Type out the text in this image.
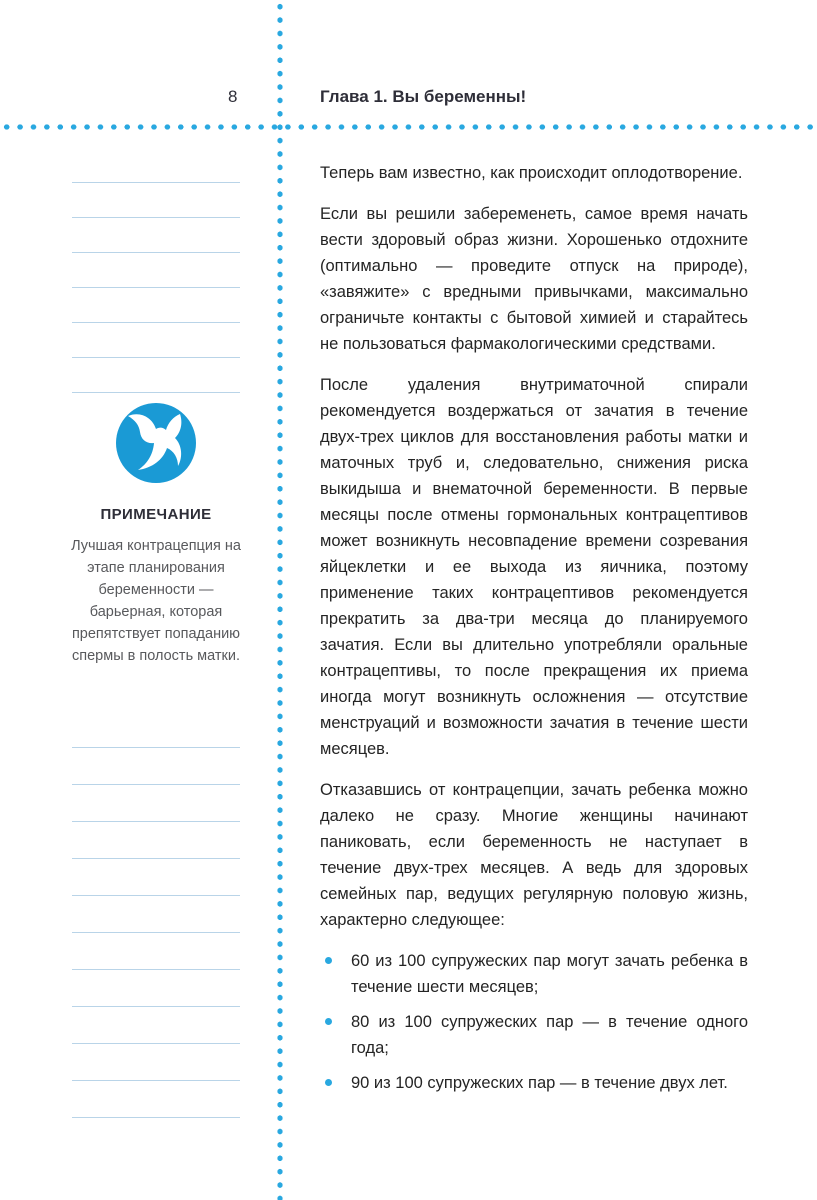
8	Глава 1. Вы беременны!
ПРИМЕЧАНИЕ
Лучшая контрацепция на этапе планирования беременности — барьерная, которая препятствует попаданию спермы в полость матки.

Теперь вам известно, как происходит оплодотворение.

Если вы решили забеременеть, самое время начать вести здоровый образ жизни. Хорошенько отдохните (оптимально — проведите отпуск на природе), «завяжите» с вредными привычками, максимально ограничьте контакты с бытовой химией и старайтесь не пользоваться фармакологическими средствами.

После удаления внутриматочной спирали рекомендуется воздержаться от зачатия в течение двух-трех циклов для восстановления работы матки и маточных труб и, следовательно, снижения риска выкидыша и внематочной беременности. В первые месяцы после отмены гормональных контрацептивов может возникнуть несовпадение времени созревания яйцеклетки и ее выхода из яичника, поэтому применение таких контрацептивов рекомендуется прекратить за два-три месяца до планируемого зачатия. Если вы длительно употребляли оральные контрацептивы, то после прекращения их приема иногда могут возникнуть осложнения — отсутствие менструаций и возможности зачатия в течение шести месяцев.

Отказавшись от контрацепции, зачать ребенка можно далеко не сразу. Многие женщины начинают паниковать, если беременность не наступает в течение двух-трех месяцев. А ведь для здоровых семейных пар, ведущих регулярную половую жизнь, характерно следующее:

60 из 100 супружеских пар могут зачать ребенка в течение шести месяцев;
80 из 100 супружеских пар — в течение одного года;
90 из 100 супружеских пар — в течение двух лет.
